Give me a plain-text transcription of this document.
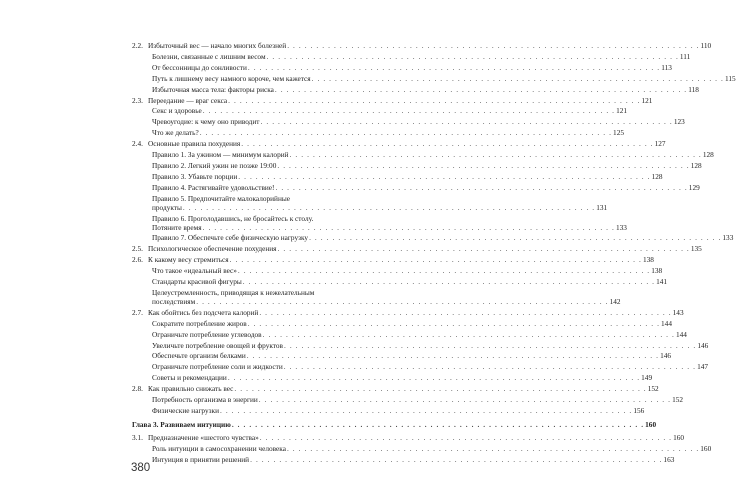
2.2. Избыточный вес — начало многих болезней . . . . . . . . . . . . . . . . . . . . . . . . . . . . . . . . . . . . . . . . . . . . . . . . . . . . . . . . . . . . . . . . . . . . . . . 110
Болезни, связанные с лишним весом . . . . . . . . . . . . . . . . . . . . . . . . . . . . . . . . . . . . . . . . . . . . . . . . . . . . . . . . . . . . . . . . . . . . . . . 111
От бессонницы до сонливости . . . . . . . . . . . . . . . . . . . . . . . . . . . . . . . . . . . . . . . . . . . . . . . . . . . . . . . . . . . . . . . . . . . . . . . 113
Путь к лишнему весу намного короче, чем кажется . . . . . . . . . . . . . . . . . . . . . . . . . . . . . . . . . . . . . . . . . . . . . . . . . . . . . . . . . . . . . . . . . . . . . . . 115
Избыточная масса тела: факторы риска . . . . . . . . . . . . . . . . . . . . . . . . . . . . . . . . . . . . . . . . . . . . . . . . . . . . . . . . . . . . . . . . . . . . . . . 118
2.3. Переедание — враг секса . . . . . . . . . . . . . . . . . . . . . . . . . . . . . . . . . . . . . . . . . . . . . . . . . . . . . . . . . . . . . . . . . . . . . . . 121
Секс и здоровье . . . . . . . . . . . . . . . . . . . . . . . . . . . . . . . . . . . . . . . . . . . . . . . . . . . . . . . . . . . . . . . . . . . . . . . 121
Чревоугодие: к чему оно приводит . . . . . . . . . . . . . . . . . . . . . . . . . . . . . . . . . . . . . . . . . . . . . . . . . . . . . . . . . . . . . . . . . . . . . . . 123
Что же делать? . . . . . . . . . . . . . . . . . . . . . . . . . . . . . . . . . . . . . . . . . . . . . . . . . . . . . . . . . . . . . . . . . . . . . . . 125
2.4. Основные правила похудения . . . . . . . . . . . . . . . . . . . . . . . . . . . . . . . . . . . . . . . . . . . . . . . . . . . . . . . . . . . . . . . . . . . . . . . 127
Правило 1. За ужином — минимум калорий . . . . . . . . . . . . . . . . . . . . . . . . . . . . . . . . . . . . . . . . . . . . . . . . . . . . . . . . . . . . . . . . . . . . . . . 128
Правило 2. Легкий ужин не позже 19:00 . . . . . . . . . . . . . . . . . . . . . . . . . . . . . . . . . . . . . . . . . . . . . . . . . . . . . . . . . . . . . . . . . . . . . . . 128
Правило 3. Убавьте порции . . . . . . . . . . . . . . . . . . . . . . . . . . . . . . . . . . . . . . . . . . . . . . . . . . . . . . . . . . . . . . . . . . . . . . . 128
Правило 4. Растягивайте удовольствие! . . . . . . . . . . . . . . . . . . . . . . . . . . . . . . . . . . . . . . . . . . . . . . . . . . . . . . . . . . . . . . . . . . . . . . . 129
Правило 5. Предпочитайте малокалорийные
продукты . . . . . . . . . . . . . . . . . . . . . . . . . . . . . . . . . . . . . . . . . . . . . . . . . . . . . . . . . . . . . . . . . . . . . . . 131
Правило 6. Проголодавшись, не бросайтесь к столу.
Потяните время . . . . . . . . . . . . . . . . . . . . . . . . . . . . . . . . . . . . . . . . . . . . . . . . . . . . . . . . . . . . . . . . . . . . . . . 133
Правило 7. Обеспечьте себе физическую нагрузку . . . . . . . . . . . . . . . . . . . . . . . . . . . . . . . . . . . . . . . . . . . . . . . . . . . . . . . . . . . . . . . . . . . . . . . 133
2.5. Психологическое обеспечение похудения . . . . . . . . . . . . . . . . . . . . . . . . . . . . . . . . . . . . . . . . . . . . . . . . . . . . . . . . . . . . . . . . . . . . . . . 135
2.6. К какому весу стремиться . . . . . . . . . . . . . . . . . . . . . . . . . . . . . . . . . . . . . . . . . . . . . . . . . . . . . . . . . . . . . . . . . . . . . . . 138
Что такое «идеальный вес» . . . . . . . . . . . . . . . . . . . . . . . . . . . . . . . . . . . . . . . . . . . . . . . . . . . . . . . . . . . . . . . . . . . . . . . 138
Стандарты красивой фигуры . . . . . . . . . . . . . . . . . . . . . . . . . . . . . . . . . . . . . . . . . . . . . . . . . . . . . . . . . . . . . . . . . . . . . . . 141
Целеустремленность, приводящая к нежелательным
последствиям . . . . . . . . . . . . . . . . . . . . . . . . . . . . . . . . . . . . . . . . . . . . . . . . . . . . . . . . . . . . . . . . . . . . . . . 142
2.7. Как обойтись без подсчета калорий . . . . . . . . . . . . . . . . . . . . . . . . . . . . . . . . . . . . . . . . . . . . . . . . . . . . . . . . . . . . . . . . . . . . . . . 143
Сократите потребление жиров . . . . . . . . . . . . . . . . . . . . . . . . . . . . . . . . . . . . . . . . . . . . . . . . . . . . . . . . . . . . . . . . . . . . . . . 144
Ограничьте потребление углеводов . . . . . . . . . . . . . . . . . . . . . . . . . . . . . . . . . . . . . . . . . . . . . . . . . . . . . . . . . . . . . . . . . . . . . . . 144
Увеличьте потребление овощей и фруктов . . . . . . . . . . . . . . . . . . . . . . . . . . . . . . . . . . . . . . . . . . . . . . . . . . . . . . . . . . . . . . . . . . . . . . . 146
Обеспечьте организм белками . . . . . . . . . . . . . . . . . . . . . . . . . . . . . . . . . . . . . . . . . . . . . . . . . . . . . . . . . . . . . . . . . . . . . . . 146
Ограничьте потребление соли и жидкости . . . . . . . . . . . . . . . . . . . . . . . . . . . . . . . . . . . . . . . . . . . . . . . . . . . . . . . . . . . . . . . . . . . . . . . 147
Советы и рекомендации . . . . . . . . . . . . . . . . . . . . . . . . . . . . . . . . . . . . . . . . . . . . . . . . . . . . . . . . . . . . . . . . . . . . . . . 149
2.8. Как правильно снижать вес . . . . . . . . . . . . . . . . . . . . . . . . . . . . . . . . . . . . . . . . . . . . . . . . . . . . . . . . . . . . . . . . . . . . . . . 152
Потребность организма в энергии . . . . . . . . . . . . . . . . . . . . . . . . . . . . . . . . . . . . . . . . . . . . . . . . . . . . . . . . . . . . . . . . . . . . . . . 152
Физические нагрузки . . . . . . . . . . . . . . . . . . . . . . . . . . . . . . . . . . . . . . . . . . . . . . . . . . . . . . . . . . . . . . . . . . . . . . . 156
Глава 3. Развиваем интуицию . . . . . . . . . . . . . . . . . . . . . . . . . . . . . . . . . . . . . . . . . . . . . . . . . . . . . . . . . . . . . . . . . . . . . . . 160
3.1. Предназначение «шестого чувства» . . . . . . . . . . . . . . . . . . . . . . . . . . . . . . . . . . . . . . . . . . . . . . . . . . . . . . . . . . . . . . . . . . . . . . . 160
Роль интуиции в самосохранении человека . . . . . . . . . . . . . . . . . . . . . . . . . . . . . . . . . . . . . . . . . . . . . . . . . . . . . . . . . . . . . . . . . . . . . . . 160
Интуиция в принятии решений . . . . . . . . . . . . . . . . . . . . . . . . . . . . . . . . . . . . . . . . . . . . . . . . . . . . . . . . . . . . . . . . . . . . . . . 163
380
